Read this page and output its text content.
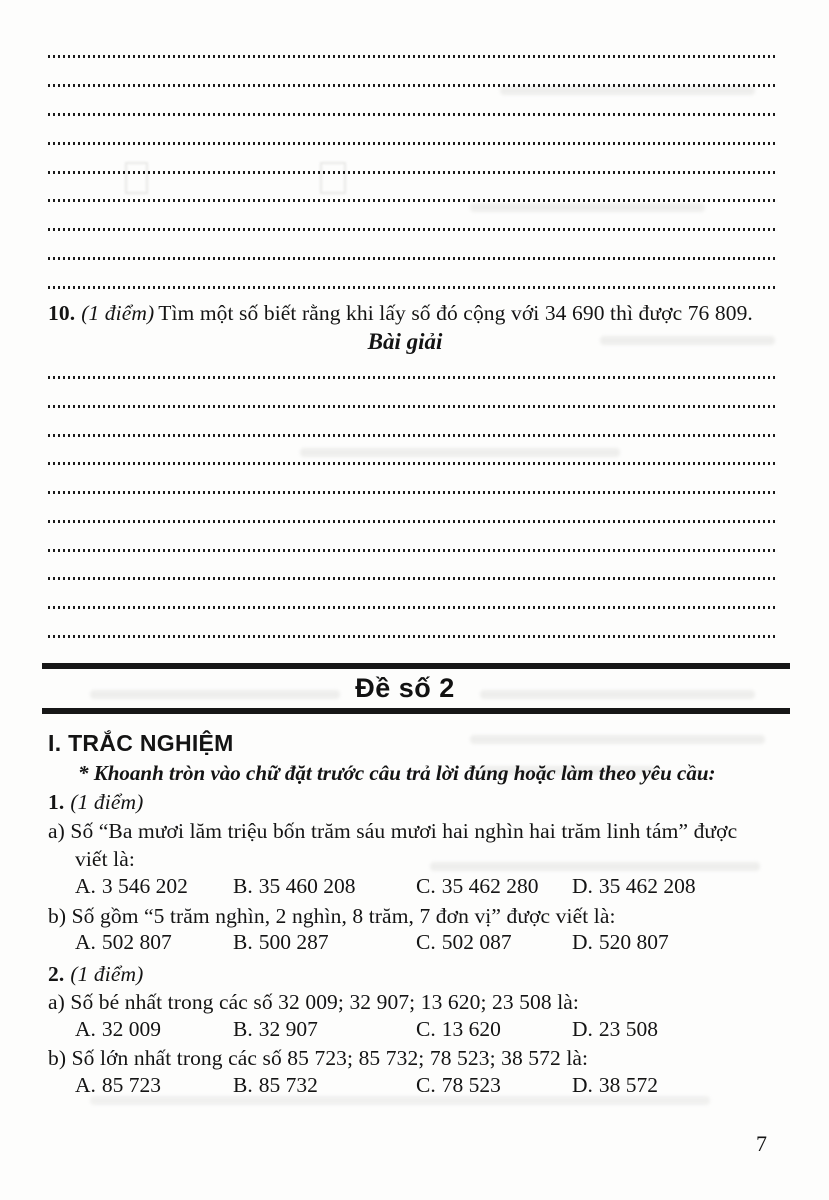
10. (1 điểm) Tìm một số biết rằng khi lấy số đó cộng với 34 690 thì được 76 809.
Bài giải
Đề số 2
I. TRẮC NGHIỆM
* Khoanh tròn vào chữ đặt trước câu trả lời đúng hoặc làm theo yêu cầu:
1. (1 điểm)
a) Số “Ba mươi lăm triệu bốn trăm sáu mươi hai nghìn hai trăm linh tám” được
viết là:
A. 3 546 202 B. 35 460 208	C. 35 462 280 D. 35 462 208
b) Số gồm “5 trăm nghìn, 2 nghìn, 8 trăm, 7 đơn vị” được viết là:
A. 502 807	B. 500 287	C. 502 087	D. 520 807
2. (1 điểm)
a) Số bé nhất trong các số 32 009; 32 907; 13 620; 23 508 là:
A. 32 009	B. 32 907	C. 13 620	D. 23 508
b) Số lớn nhất trong các số 85 723; 85 732; 78 523; 38 572 là:
A. 85 723	B. 85 732	C. 78 523	D. 38 572
7
